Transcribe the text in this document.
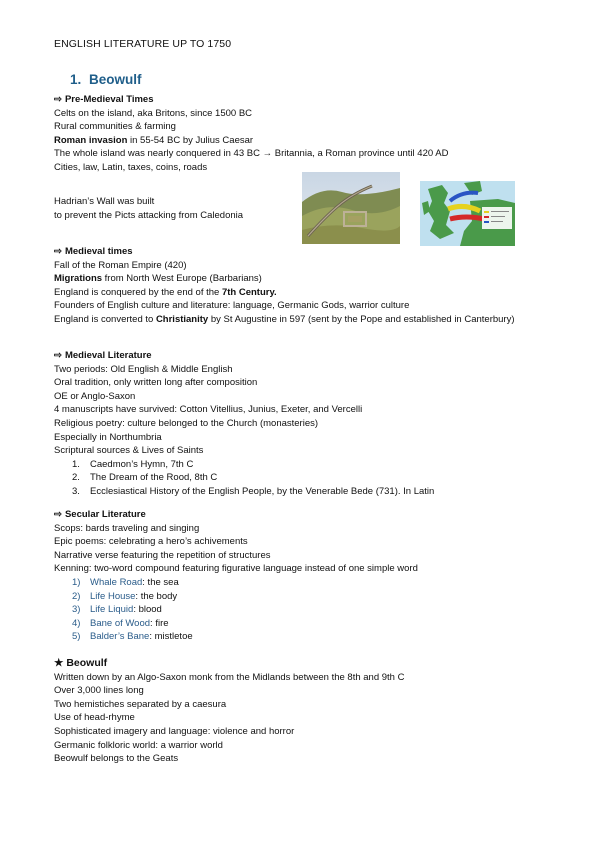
ENGLISH LITERATURE UP TO 1750
1. Beowulf
⇨ Pre-Medieval Times
Celts on the island, aka Britons, since 1500 BC
Rural communities & farming
Roman invasion in 55-54 BC by Julius Caesar
The whole island was nearly conquered in 43 BC → Britannia, a Roman province until 420 AD
Cities, law, Latin, taxes, coins, roads
Hadrian’s Wall was built
to prevent the Picts attacking from Caledonia
⇨ Medieval times
Fall of the Roman Empire (420)
Migrations from North West Europe (Barbarians)
England is conquered by the end of the 7th Century.
Founders of English culture and literature: language, Germanic Gods, warrior culture
England is converted to Christianity by St Augustine in 597 (sent by the Pope and established in Canterbury)
⇨ Medieval Literature
Two periods: Old English & Middle English
Oral tradition, only written long after composition
OE or Anglo-Saxon
4 manuscripts have survived: Cotton Vitellius, Junius, Exeter, and Vercelli
Religious poetry: culture belonged to the Church (monasteries)
Especially in Northumbria
Scriptural sources & Lives of Saints
1.	Caedmon’s Hymn, 7th C
2.	The Dream of the Rood, 8th C
3.	Ecclesiastical History of the English People, by the Venerable Bede (731). In Latin
⇨ Secular Literature
Scops: bards traveling and singing
Epic poems: celebrating a hero’s achivements
Narrative verse featuring the repetition of structures
Kenning: two-word compound featuring figurative language instead of one simple word
1)	Whale Road: the sea
2)	Life House: the body
3)	Life Liquid: blood
4)	Bane of Wood: fire
5)	Balder’s Bane: mistletoe
★ Beowulf
Written down by an Algo-Saxon monk from the Midlands between the 8th and 9th C
Over 3,000 lines long
Two hemistiches separated by a caesura
Use of head-rhyme
Sophisticated imagery and language: violence and horror
Germanic folkloric world: a warrior world
Beowulf belongs to the Geats
